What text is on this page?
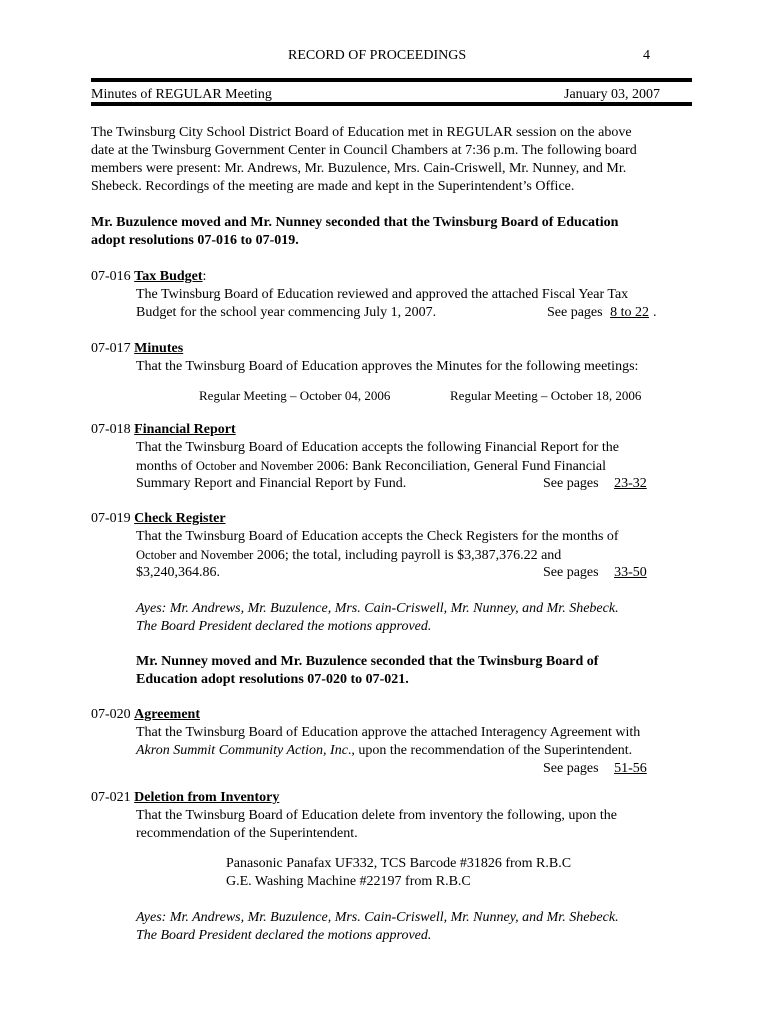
RECORD OF PROCEEDINGS	4
Minutes of REGULAR Meeting	January 03, 2007
The Twinsburg City School District Board of Education met in REGULAR session on the above
date at the Twinsburg Government Center in Council Chambers at 7:36 p.m. The following board
members were present: Mr. Andrews, Mr. Buzulence, Mrs. Cain-Criswell, Mr. Nunney, and Mr.
Shebeck. Recordings of the meeting are made and kept in the Superintendent’s Office.
Mr. Buzulence moved and Mr. Nunney seconded that the Twinsburg Board of Education
adopt resolutions 07-016 to 07-019.
07-016 Tax Budget:
The Twinsburg Board of Education reviewed and approved the attached Fiscal Year Tax
Budget for the school year commencing July 1, 2007.	See pages 8 to 22 .
07-017 Minutes
That the Twinsburg Board of Education approves the Minutes for the following meetings:
Regular Meeting – October 04, 2006	Regular Meeting – October 18, 2006
07-018 Financial Report
That the Twinsburg Board of Education accepts the following Financial Report for the
months of October and November 2006: Bank Reconciliation, General Fund Financial
Summary Report and Financial Report by Fund.	See pages 23-32
07-019 Check Register
That the Twinsburg Board of Education accepts the Check Registers for the months of
October and November 2006; the total, including payroll is $3,387,376.22 and
$3,240,364.86.	See pages 33-50
Ayes: Mr. Andrews, Mr. Buzulence, Mrs. Cain-Criswell, Mr. Nunney, and Mr. Shebeck.
The Board President declared the motions approved.
Mr. Nunney moved and Mr. Buzulence seconded that the Twinsburg Board of
Education adopt resolutions 07-020 to 07-021.
07-020 Agreement
That the Twinsburg Board of Education approve the attached Interagency Agreement with
Akron Summit Community Action, Inc., upon the recommendation of the Superintendent.
See pages 51-56
07-021 Deletion from Inventory
That the Twinsburg Board of Education delete from inventory the following, upon the
recommendation of the Superintendent.
Panasonic Panafax UF332, TCS Barcode #31826 from R.B.C
G.E. Washing Machine #22197 from R.B.C
Ayes: Mr. Andrews, Mr. Buzulence, Mrs. Cain-Criswell, Mr. Nunney, and Mr. Shebeck.
The Board President declared the motions approved.
